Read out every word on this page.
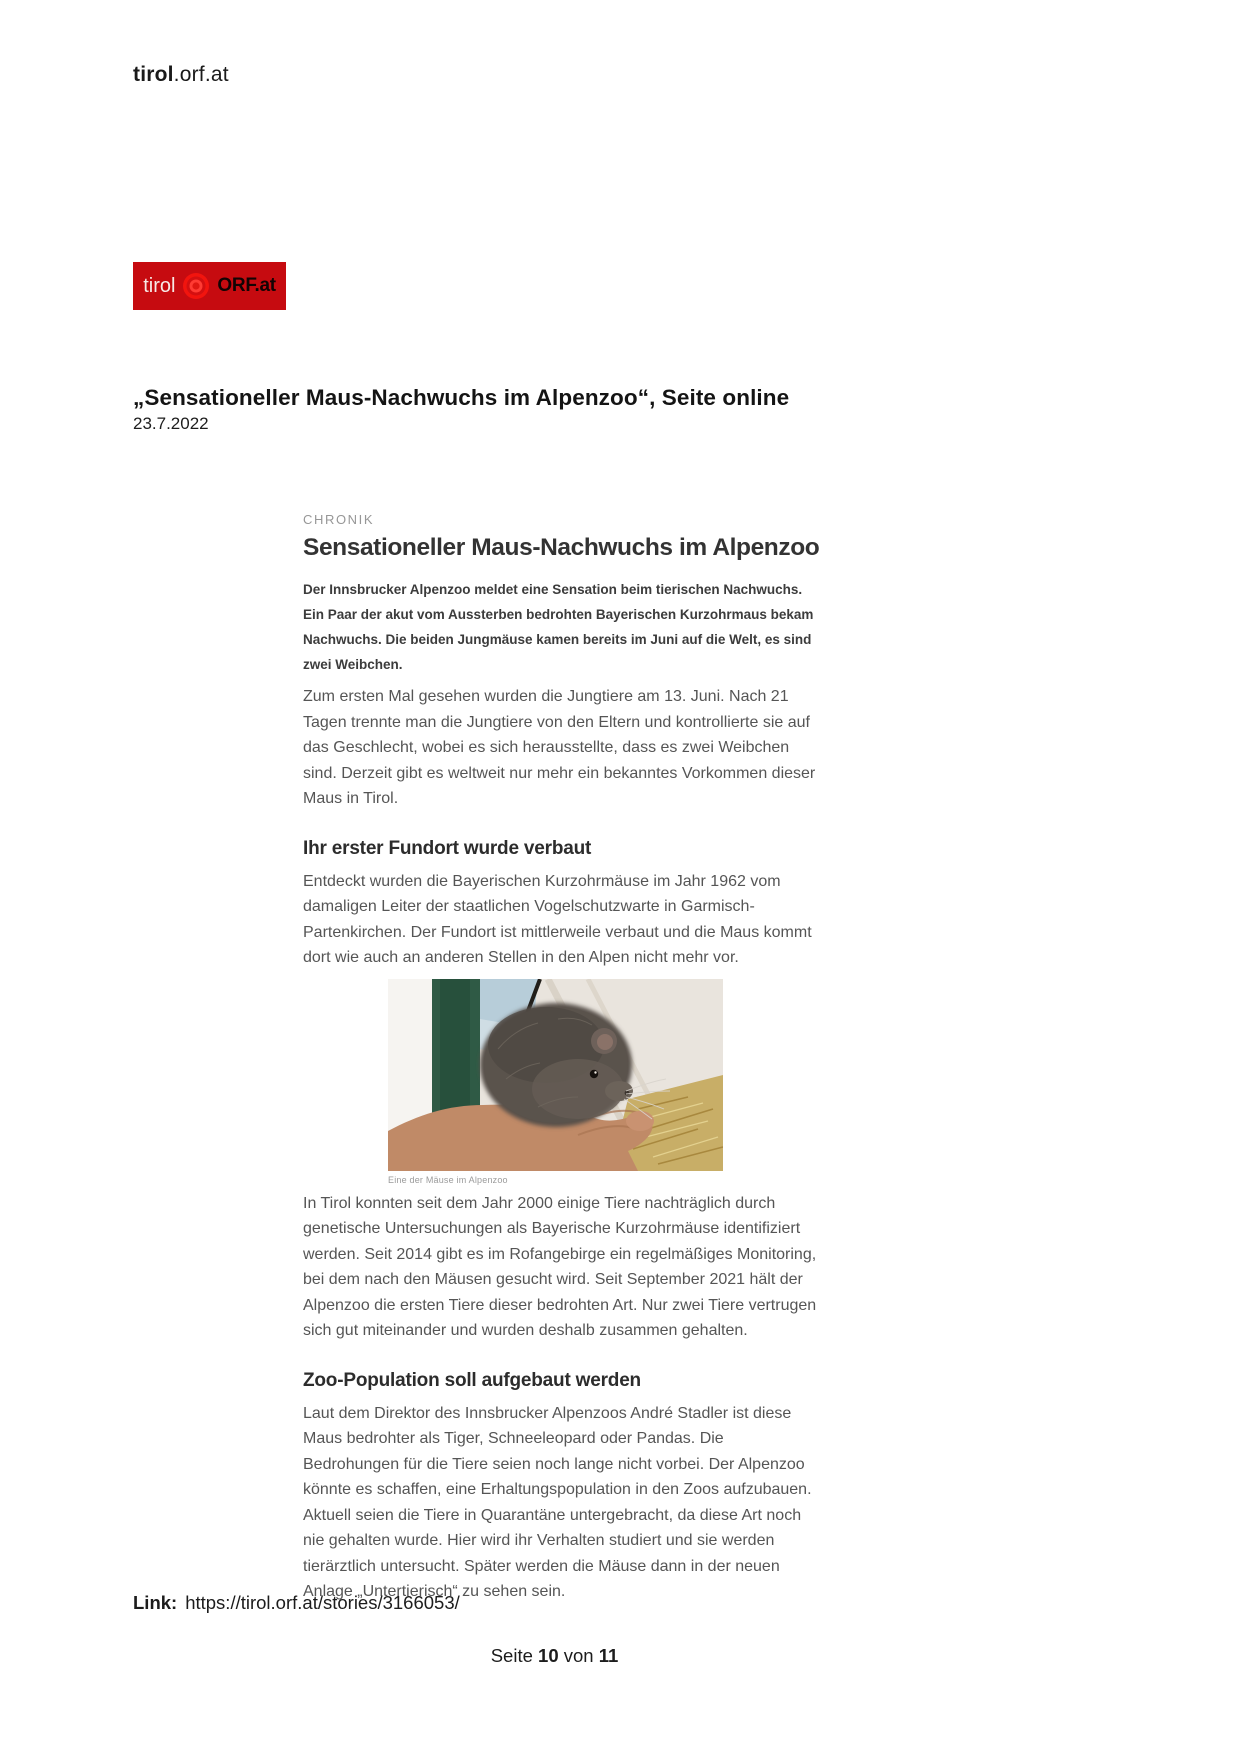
tirol.orf.at
tirol ORF.at
„Sensationeller Maus-Nachwuchs im Alpenzoo“, Seite online
23.7.2022
CHRONIK
Sensationeller Maus-Nachwuchs im Alpenzoo

Der Innsbrucker Alpenzoo meldet eine Sensation beim tierischen Nachwuchs. Ein Paar der akut vom Aussterben bedrohten Bayerischen Kurzohrmaus bekam Nachwuchs. Die beiden Jungmäuse kamen bereits im Juni auf die Welt, es sind zwei Weibchen.

Zum ersten Mal gesehen wurden die Jungtiere am 13. Juni. Nach 21 Tagen trennte man die Jungtiere von den Eltern und kontrollierte sie auf das Geschlecht, wobei es sich herausstellte, dass es zwei Weibchen sind. Derzeit gibt es weltweit nur mehr ein bekanntes Vorkommen dieser Maus in Tirol.

Ihr erster Fundort wurde verbaut

Entdeckt wurden die Bayerischen Kurzohrmäuse im Jahr 1962 vom damaligen Leiter der staatlichen Vogelschutzwarte in Garmisch-Partenkirchen. Der Fundort ist mittlerweile verbaut und die Maus kommt dort wie auch an anderen Stellen in den Alpen nicht mehr vor.

Eine der Mäuse im Alpenzoo

In Tirol konnten seit dem Jahr 2000 einige Tiere nachträglich durch genetische Untersuchungen als Bayerische Kurzohrmäuse identifiziert werden. Seit 2014 gibt es im Rofangebirge ein regelmäßiges Monitoring, bei dem nach den Mäusen gesucht wird. Seit September 2021 hält der Alpenzoo die ersten Tiere dieser bedrohten Art. Nur zwei Tiere vertrugen sich gut miteinander und wurden deshalb zusammen gehalten.

Zoo-Population soll aufgebaut werden

Laut dem Direktor des Innsbrucker Alpenzoos André Stadler ist diese Maus bedrohter als Tiger, Schneeleopard oder Pandas. Die Bedrohungen für die Tiere seien noch lange nicht vorbei. Der Alpenzoo könnte es schaffen, eine Erhaltungspopulation in den Zoos aufzubauen. Aktuell seien die Tiere in Quarantäne untergebracht, da diese Art noch nie gehalten wurde. Hier wird ihr Verhalten studiert und sie werden tierärztlich untersucht. Später werden die Mäuse dann in der neuen Anlage „Untertierisch“ zu sehen sein.

Link: https://tirol.orf.at/stories/3166053/
Seite 10 von 11
